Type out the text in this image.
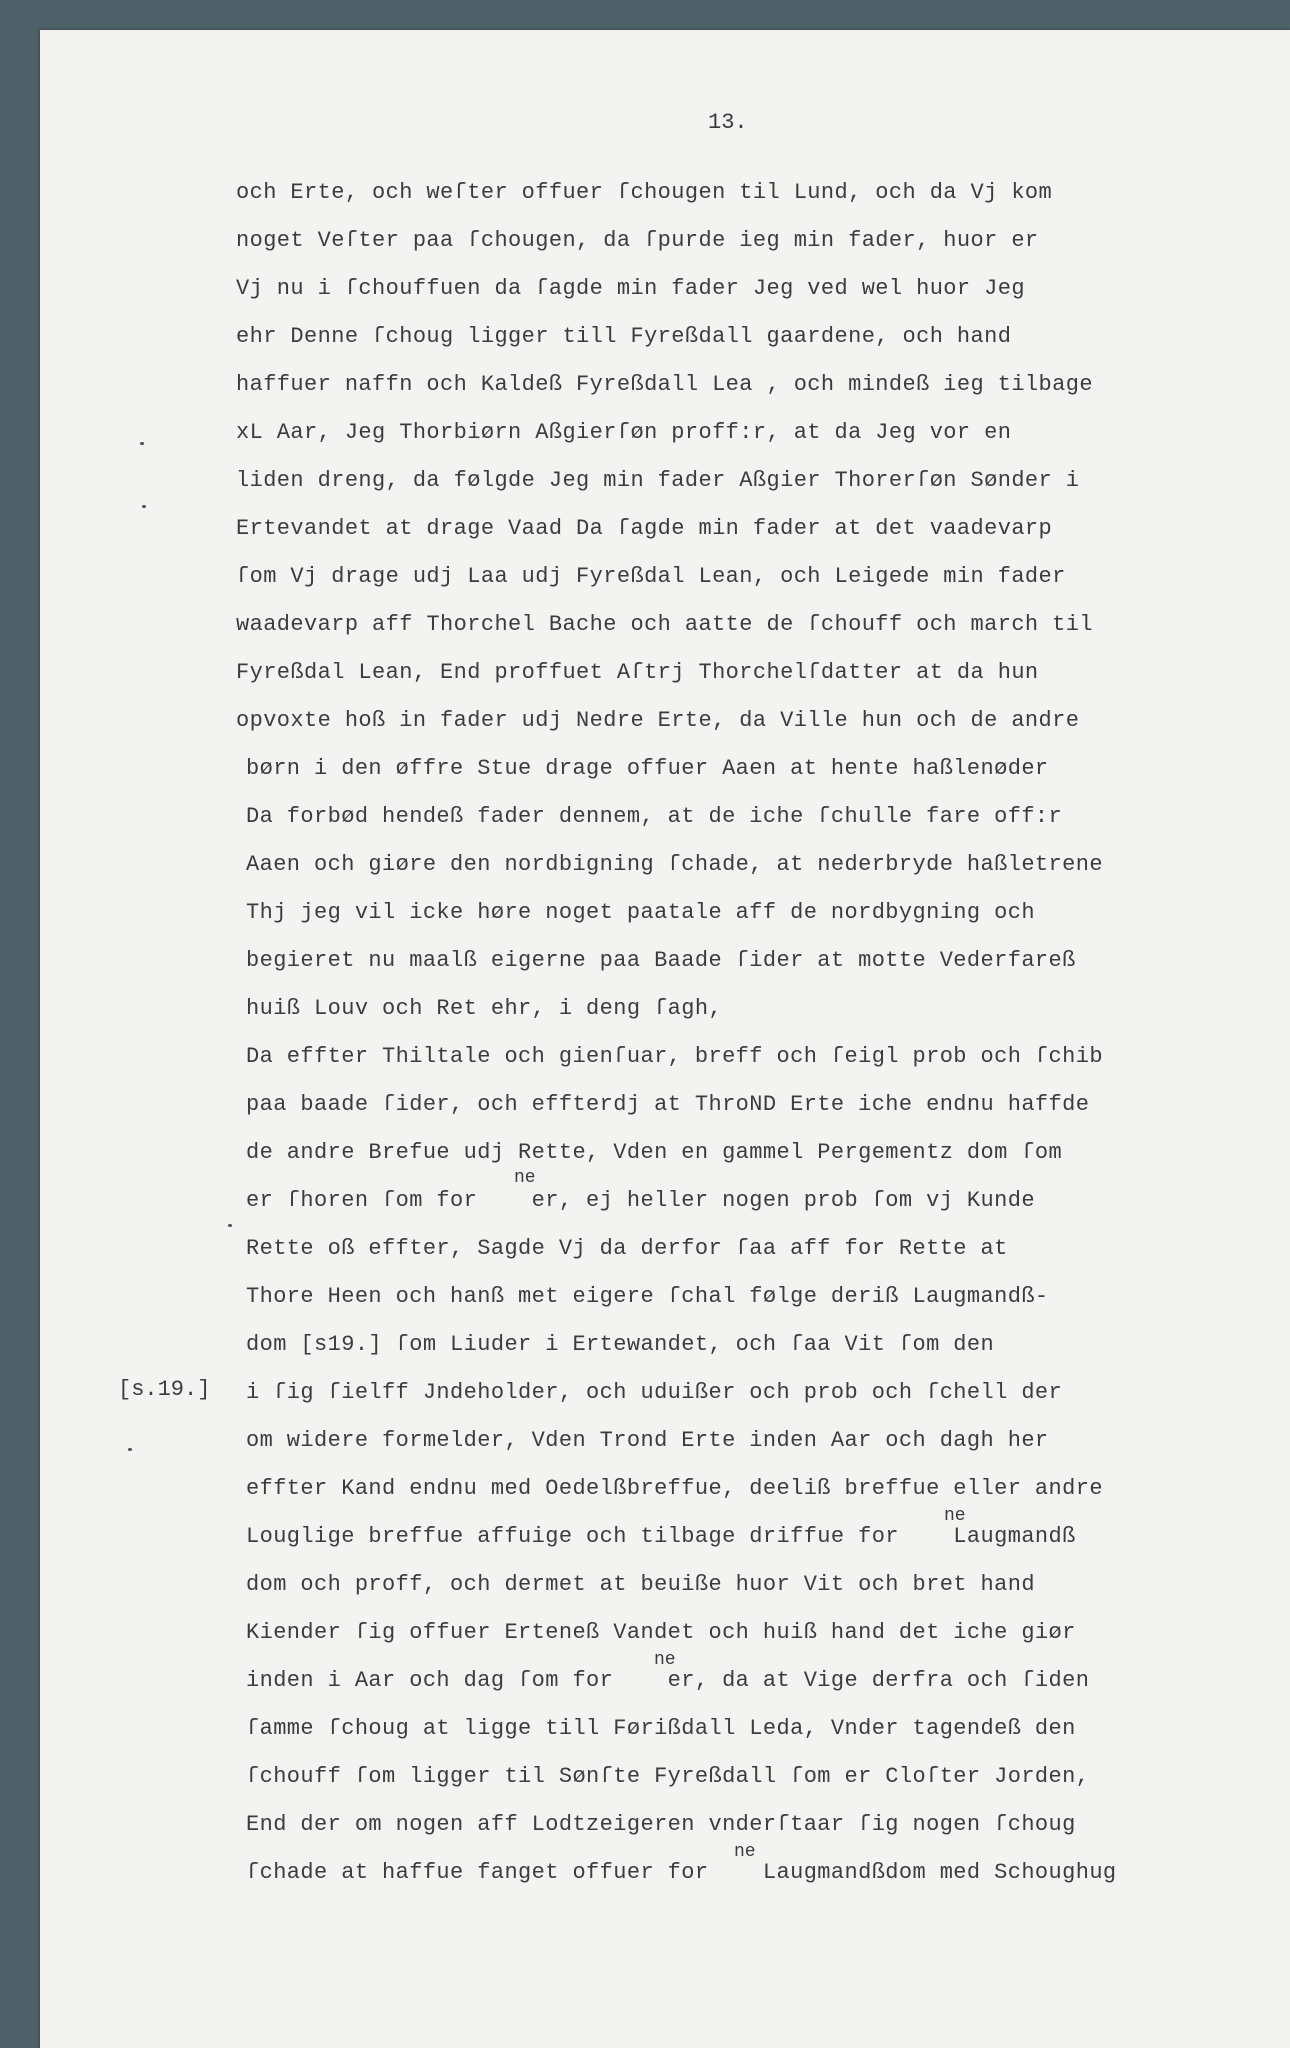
13.
[s.19.]
och Erte, och weſter offuer ſchougen til Lund, och da Vj kom
noget Veſter paa ſchougen, da ſpurde ieg min fader, huor er
Vj nu i ſchouffuen da ſagde min fader Jeg ved wel huor Jeg
ehr Denne ſchoug ligger till Fyreßdall gaardene, och hand
haffuer naffn och Kaldeß Fyreßdall Lea , och mindeß ieg tilbage
xL Aar, Jeg Thorbiørn Aßgierſøn proff:r, at da Jeg vor en
liden dreng, da følgde Jeg min fader Aßgier Thorerſøn Sønder i
Ertevandet at drage Vaad Da ſagde min fader at det vaadevarp
ſom Vj drage udj Laa udj Fyreßdal Lean, och Leigede min fader
waadevarp aff Thorchel Bache och aatte de ſchouff och march til
Fyreßdal Lean, End proffuet Aſtrj Thorchelſdatter at da hun
opvoxte hoß in fader udj Nedre Erte, da Ville hun och de andre
børn i den øffre Stue drage offuer Aaen at hente haßlenøder
Da forbød hendeß fader dennem, at de iche ſchulle fare off:r
Aaen och giøre den nordbigning ſchade, at nederbryde haßletrene
Thj jeg vil icke høre noget paatale aff de nordbygning och
begieret nu maalß eigerne paa Baade ſider at motte Vederfareß
huiß Louv och Ret ehr, i deng ſagh,
Da effter Thiltale och gienſuar, breff och ſeigl prob och ſchib
paa baade ſider, och effterdj at ThroND Erte iche endnu haffde
de andre Brefue udj Rette, Vden en gammel Pergementz dom ſom
ne
er ſhoren ſom for    er, ej heller nogen prob ſom vj Kunde
Rette oß effter, Sagde Vj da derfor ſaa aff for Rette at
Thore Heen och hanß met eigere ſchal følge deriß Laugmandß-
dom [s19.] ſom Liuder i Ertewandet, och ſaa Vit ſom den
i ſig ſielff Jndeholder, och uduißer och prob och ſchell der
om widere formelder, Vden Trond Erte inden Aar och dagh her
effter Kand endnu med Oedelßbreffue, deeliß breffue eller andre
ne
Louglige breffue affuige och tilbage driffue for    Laugmandß
dom och proff, och dermet at beuiße huor Vit och bret hand
Kiender ſig offuer Erteneß Vandet och huiß hand det iche giør
ne
inden i Aar och dag ſom for    er, da at Vige derfra och ſiden
ſamme ſchoug at ligge till Førißdall Leda, Vnder tagendeß den
ſchouff ſom ligger til Sønſte Fyreßdall ſom er Cloſter Jorden,
End der om nogen aff Lodtzeigeren vnderſtaar ſig nogen ſchoug
ne
ſchade at haffue fanget offuer for    Laugmandßdom med Schoughug
